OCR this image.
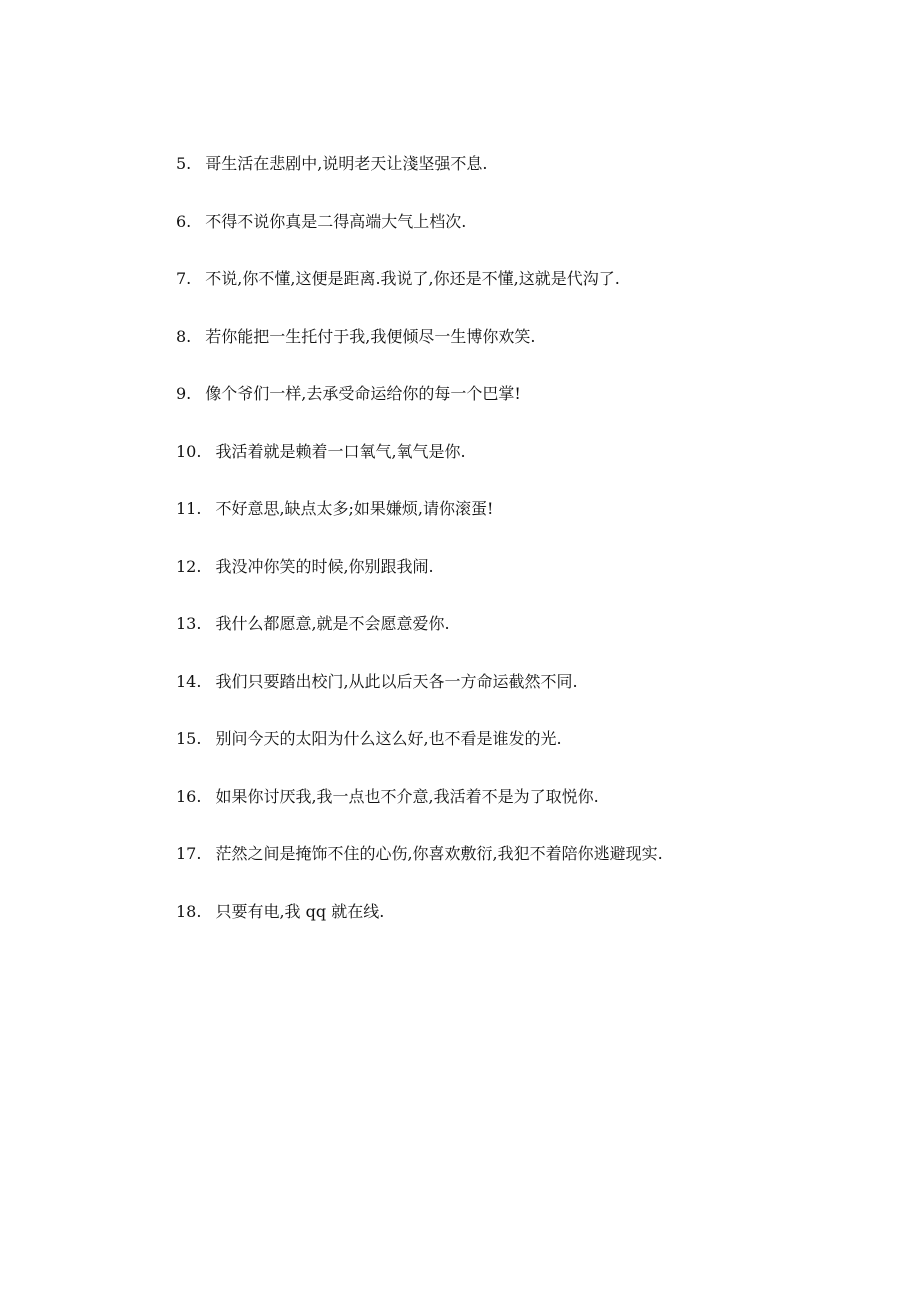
5. 哥生活在悲剧中,说明老天让淺坚强不息.
6. 不得不说你真是二得高端大气上档次.
7. 不说,你不懂,这便是距离.我说了,你还是不懂,这就是代沟了.
8. 若你能把一生托付于我,我便倾尽一生博你欢笑.
9. 像个爷们一样,去承受命运给你的每一个巴掌!
10. 我活着就是赖着一口氧气,氧气是你.
11. 不好意思,缺点太多;如果嫌烦,请你滚蛋!
12. 我没冲你笑的时候,你别跟我闹.
13. 我什么都愿意,就是不会愿意爱你.
14. 我们只要踏出校门,从此以后天各一方命运截然不同.
15. 别问今天的太阳为什么这么好,也不看是谁发的光.
16. 如果你讨厌我,我一点也不介意,我活着不是为了取悦你.
17. 茫然之间是掩饰不住的心伤,你喜欢敷衍,我犯不着陪你逃避现实.
18. 只要有电,我 qq 就在线.
